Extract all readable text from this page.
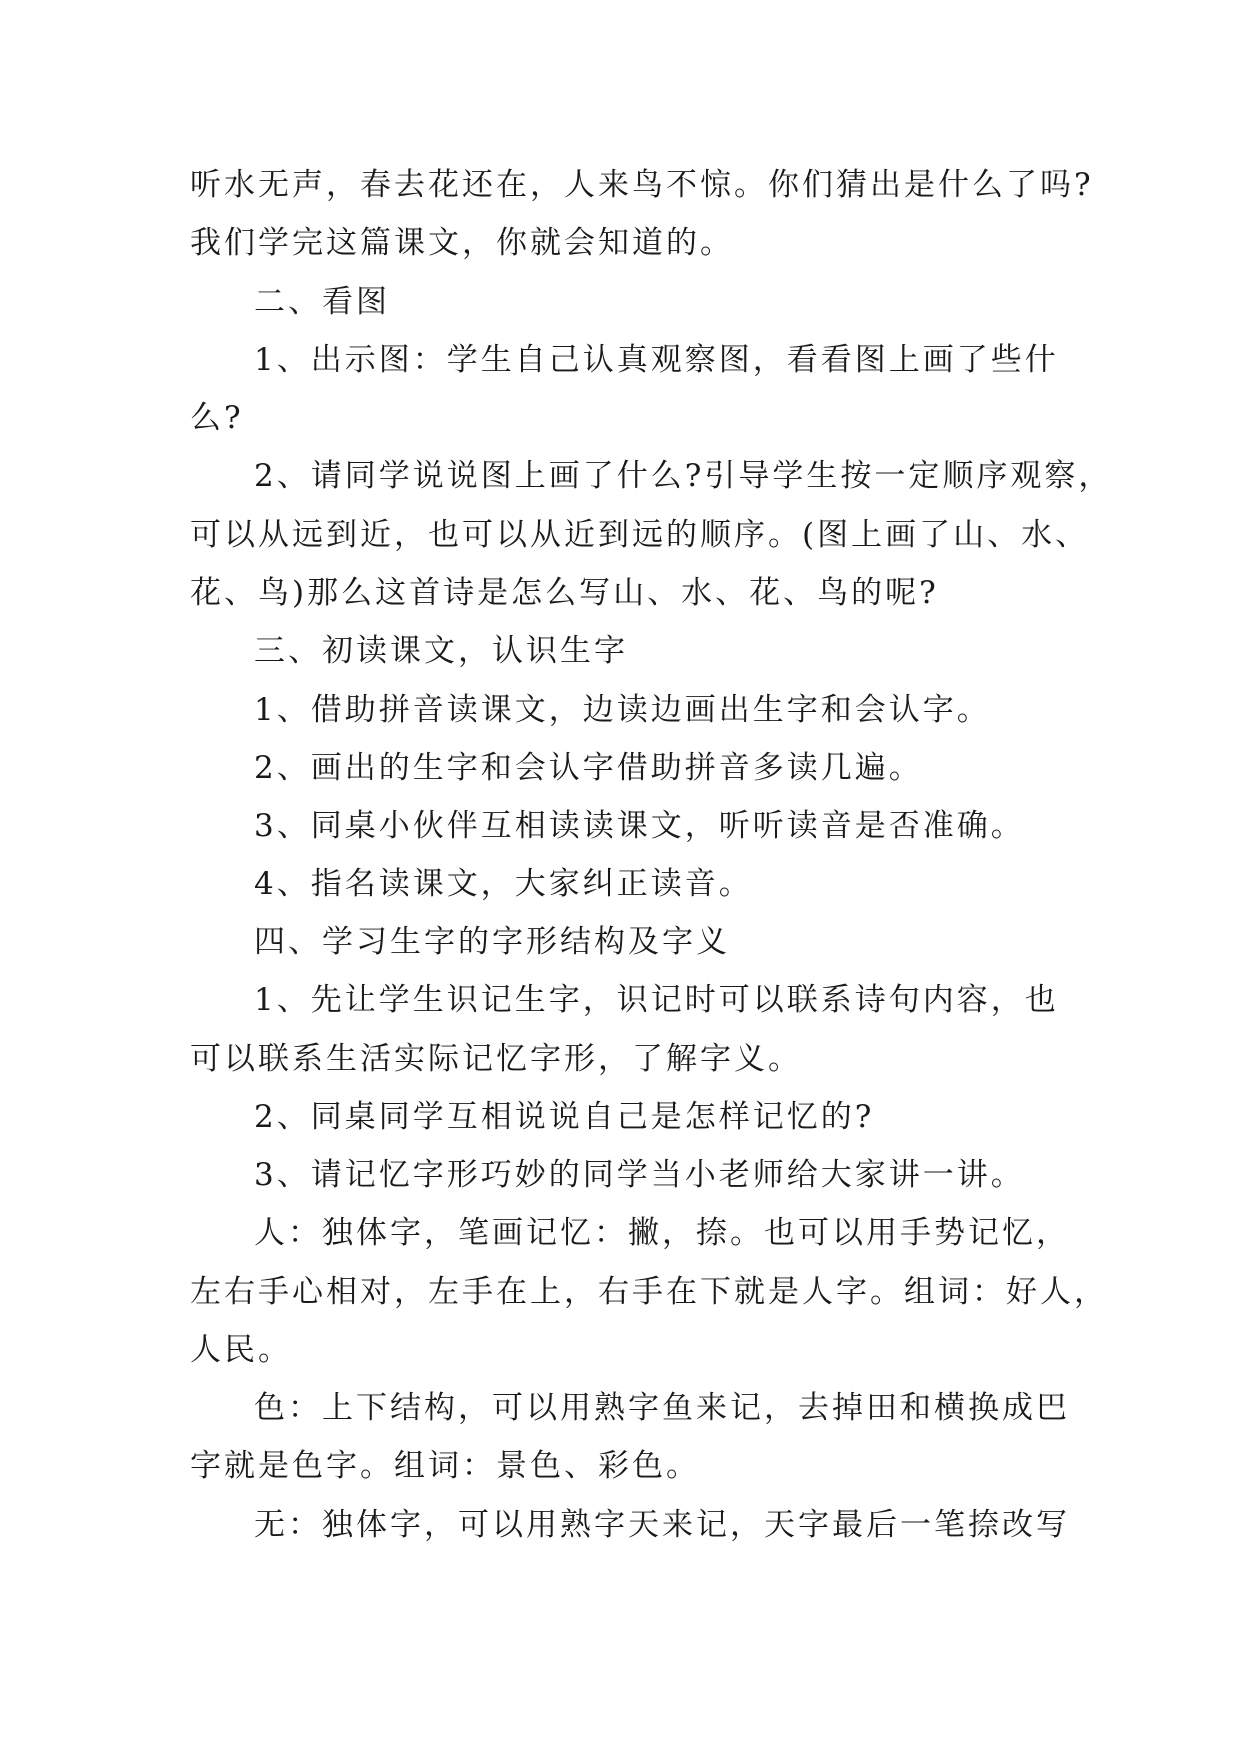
听水无声，春去花还在，人来鸟不惊。你们猜出是什么了吗?
我们学完这篇课文，你就会知道的。
二、看图
1、出示图：学生自己认真观察图，看看图上画了些什
么?
2、请同学说说图上画了什么?引导学生按一定顺序观察，
可以从远到近，也可以从近到远的顺序。(图上画了山、水、
花、鸟)那么这首诗是怎么写山、水、花、鸟的呢?
三、初读课文，认识生字
1、借助拼音读课文，边读边画出生字和会认字。
2、画出的生字和会认字借助拼音多读几遍。
3、同桌小伙伴互相读读课文，听听读音是否准确。
4、指名读课文，大家纠正读音。
四、学习生字的字形结构及字义
1、先让学生识记生字，识记时可以联系诗句内容，也
可以联系生活实际记忆字形，了解字义。
2、同桌同学互相说说自己是怎样记忆的?
3、请记忆字形巧妙的同学当小老师给大家讲一讲。
人：独体字，笔画记忆：撇，捺。也可以用手势记忆，
左右手心相对，左手在上，右手在下就是人字。组词：好人，
人民。
色：上下结构，可以用熟字鱼来记，去掉田和横换成巴
字就是色字。组词：景色、彩色。
无：独体字，可以用熟字天来记，天字最后一笔捺改写
